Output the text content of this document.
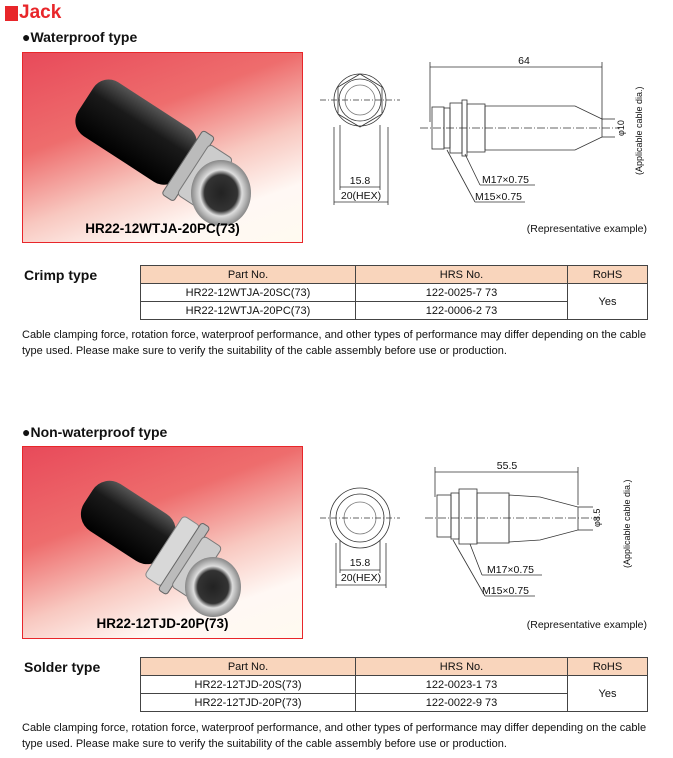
Jack
●Waterproof type
HR22-12WTJA-20PC(73)
15.8
20(HEX)
64
M17×0.75
M15×0.75
φ10 (Applicable cable dia.)
(Representative example)
Crimp type	Part No.	HRS No.	RoHS
HR22-12WTJA-20SC(73)	122-0025-7 73	Yes
HR22-12WTJA-20PC(73)	122-0006-2 73	
Cable clamping force, rotation force, waterproof performance, and other types of performance may differ depending on the cable type used. Please make sure to verify the suitability of the cable assembly before use or production.
●Non-waterproof type
HR22-12TJD-20P(73)
15.8
20(HEX)
55.5
M17×0.75
M15×0.75
φ8.5 (Applicable cable dia.)
(Representative example)
Solder type	Part No.	HRS No.	RoHS
HR22-12TJD-20S(73)	122-0023-1 73	Yes
HR22-12TJD-20P(73)	122-0022-9 73	
Cable clamping force, rotation force, waterproof performance, and other types of performance may differ depending on the cable type used. Please make sure to verify the suitability of the cable assembly before use or production.
